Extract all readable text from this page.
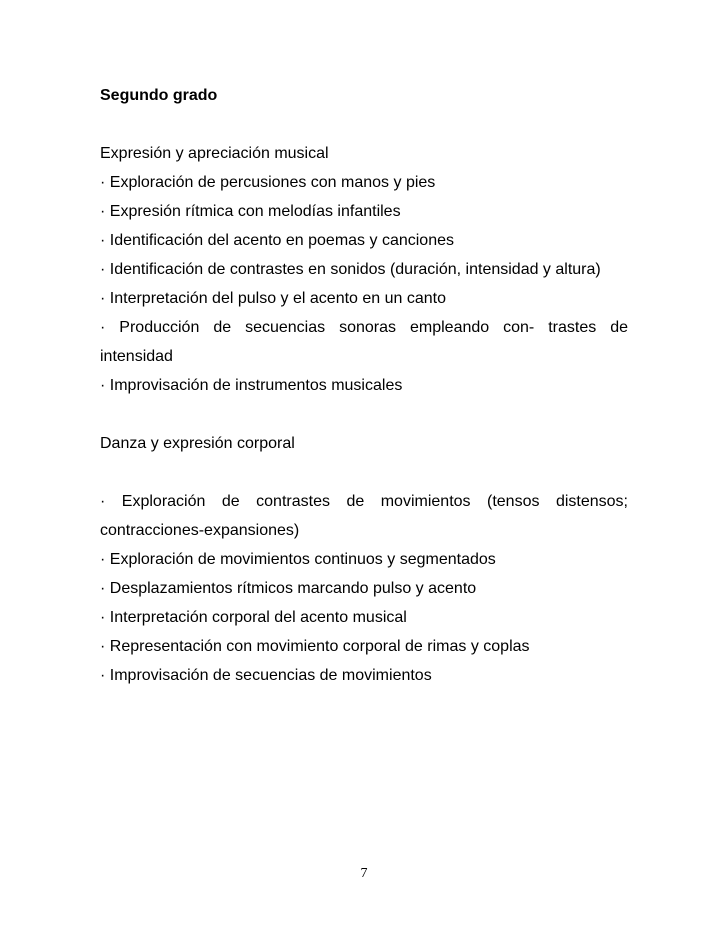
Segundo grado

Expresión y apreciación musical

· Exploración de percusiones con manos y pies

· Expresión rítmica con melodías infantiles

· Identificación del acento en poemas y canciones

· Identificación de contrastes en sonidos (duración, intensidad y altura)

· Interpretación del pulso y el acento en un canto

· Producción de secuencias sonoras empleando con- trastes de intensidad

· Improvisación de instrumentos musicales

Danza y expresión corporal

· Exploración de contrastes de movimientos (tensos distensos; contracciones-expansiones)

· Exploración de movimientos continuos y segmentados

· Desplazamientos rítmicos marcando pulso y acento

· Interpretación corporal del acento musical

· Representación con movimiento corporal de rimas y coplas

· Improvisación de secuencias de movimientos

7
